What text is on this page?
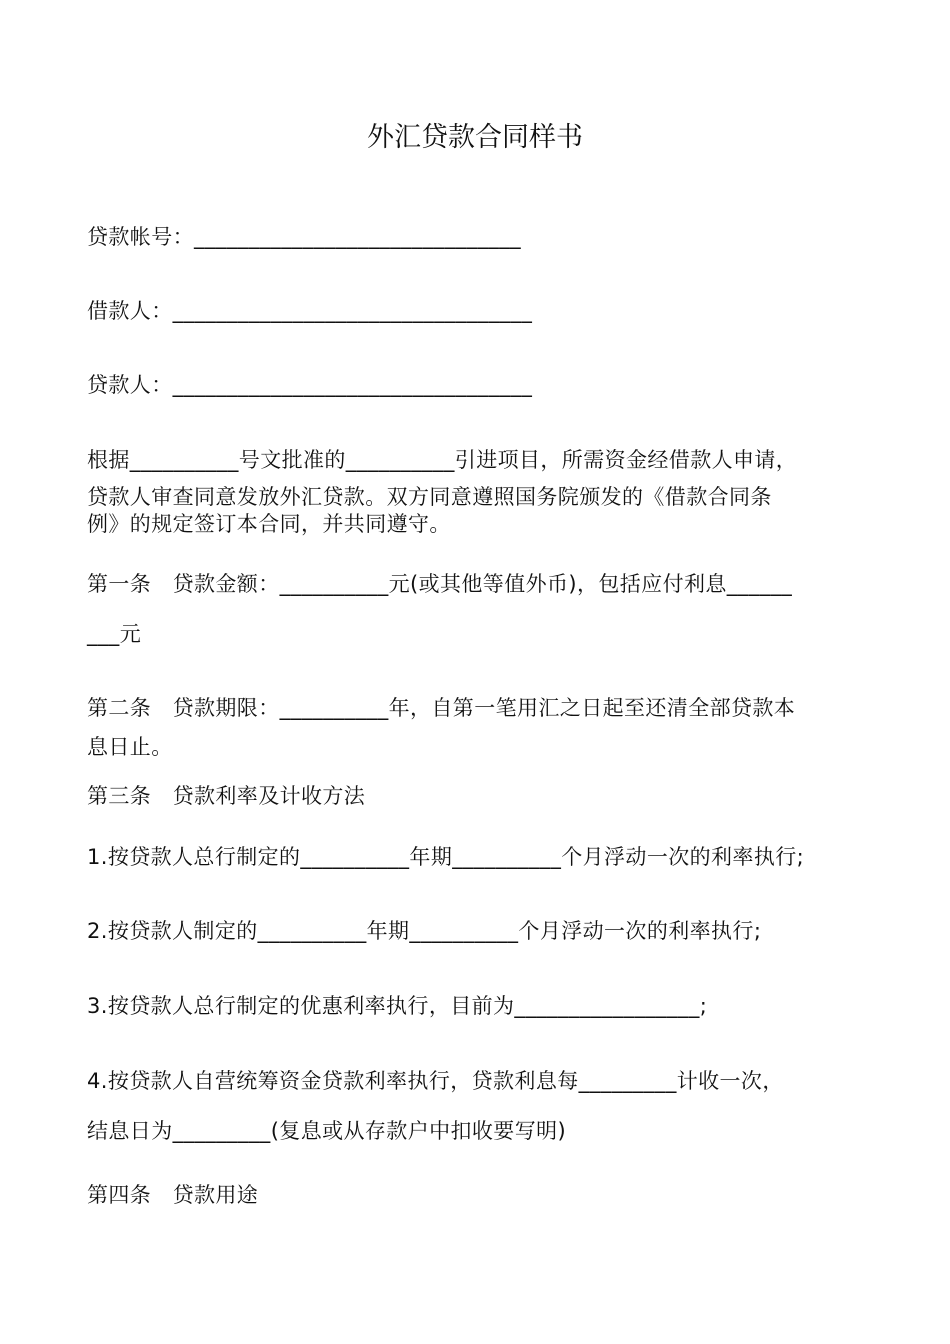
外汇贷款合同样书
贷款帐号：______________________________
借款人：_________________________________
贷款人：_________________________________
根据__________号文批准的__________引进项目，所需资金经借款人申请，
贷款人审查同意发放外汇贷款。双方同意遵照国务院颁发的《借款合同条
例》的规定签订本合同，并共同遵守。
第一条　贷款金额：__________元(或其他等值外币)，包括应付利息______
___元
第二条　贷款期限：__________年，自第一笔用汇之日起至还清全部贷款本
息日止。
第三条　贷款利率及计收方法
1.按贷款人总行制定的__________年期__________个月浮动一次的利率执行;
2.按贷款人制定的__________年期__________个月浮动一次的利率执行;
3.按贷款人总行制定的优惠利率执行，目前为_________________;
4.按贷款人自营统筹资金贷款利率执行，贷款利息每_________计收一次，
结息日为_________(复息或从存款户中扣收要写明)
第四条　贷款用途
